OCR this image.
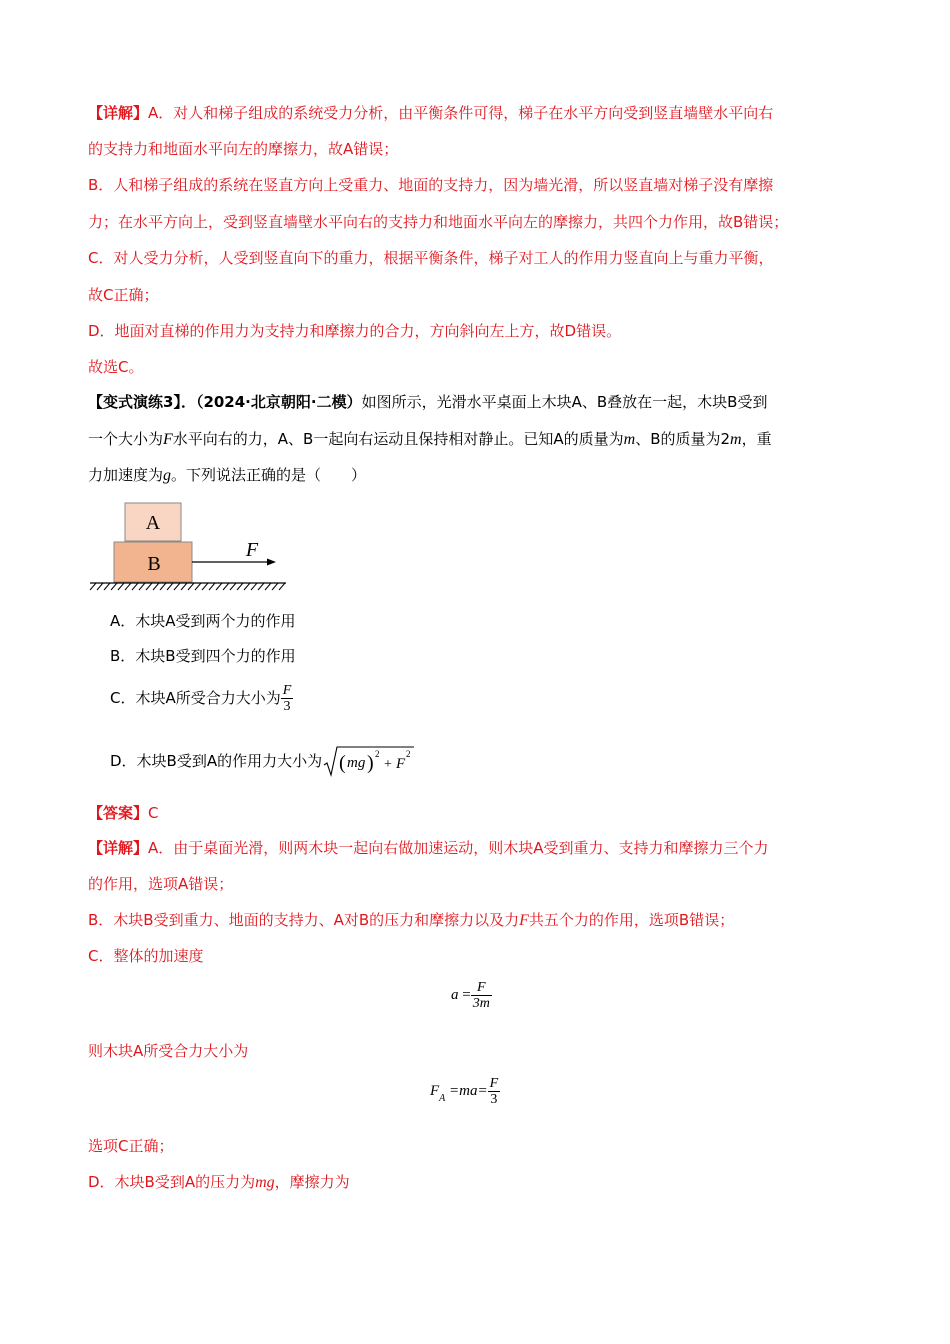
【详解】A．对人和梯子组成的系统受力分析，由平衡条件可得，梯子在水平方向受到竖直墙壁水平向右
的支持力和地面水平向左的摩擦力，故A错误；
B．人和梯子组成的系统在竖直方向上受重力、地面的支持力，因为墙光滑，所以竖直墙对梯子没有摩擦
力；在水平方向上，受到竖直墙壁水平向右的支持力和地面水平向左的摩擦力，共四个力作用，故B错误；
C．对人受力分析，人受到竖直向下的重力，根据平衡条件，梯子对工人的作用力竖直向上与重力平衡，
故C正确；
D．地面对直梯的作用力为支持力和摩擦力的合力，方向斜向左上方，故D错误。
故选C。
【变式演练3】．（2024·北京朝阳·二模）如图所示，光滑水平桌面上木块A、B叠放在一起，木块B受到
一个大小为F水平向右的力，A、B一起向右运动且保持相对静止。已知A的质量为m、B的质量为2m，重
力加速度为g。下列说法正确的是（　　）
A
B
F
A．木块A受到两个力的作用
B．木块B受到四个力的作用
C．木块A所受合力大小为 $\frac{F}{3}$
D．木块B受到A的作用力大小为 ( mg ) 2
+ F
2
【答案】C
【详解】A．由于桌面光滑，则两木块一起向右做加速运动，则木块A受到重力、支持力和摩擦力三个力
的作用，选项A错误；
B．木块B受到重力、地面的支持力、A对B的压力和摩擦力以及力F共五个力的作用，选项B错误；
C．整体的加速度
$a = \frac{F}{3m}$
则木块A所受合力大小为
$F_A =ma= \frac{F}{3}$
选项C正确；
D．木块B受到A的压力为mg，摩擦力为
